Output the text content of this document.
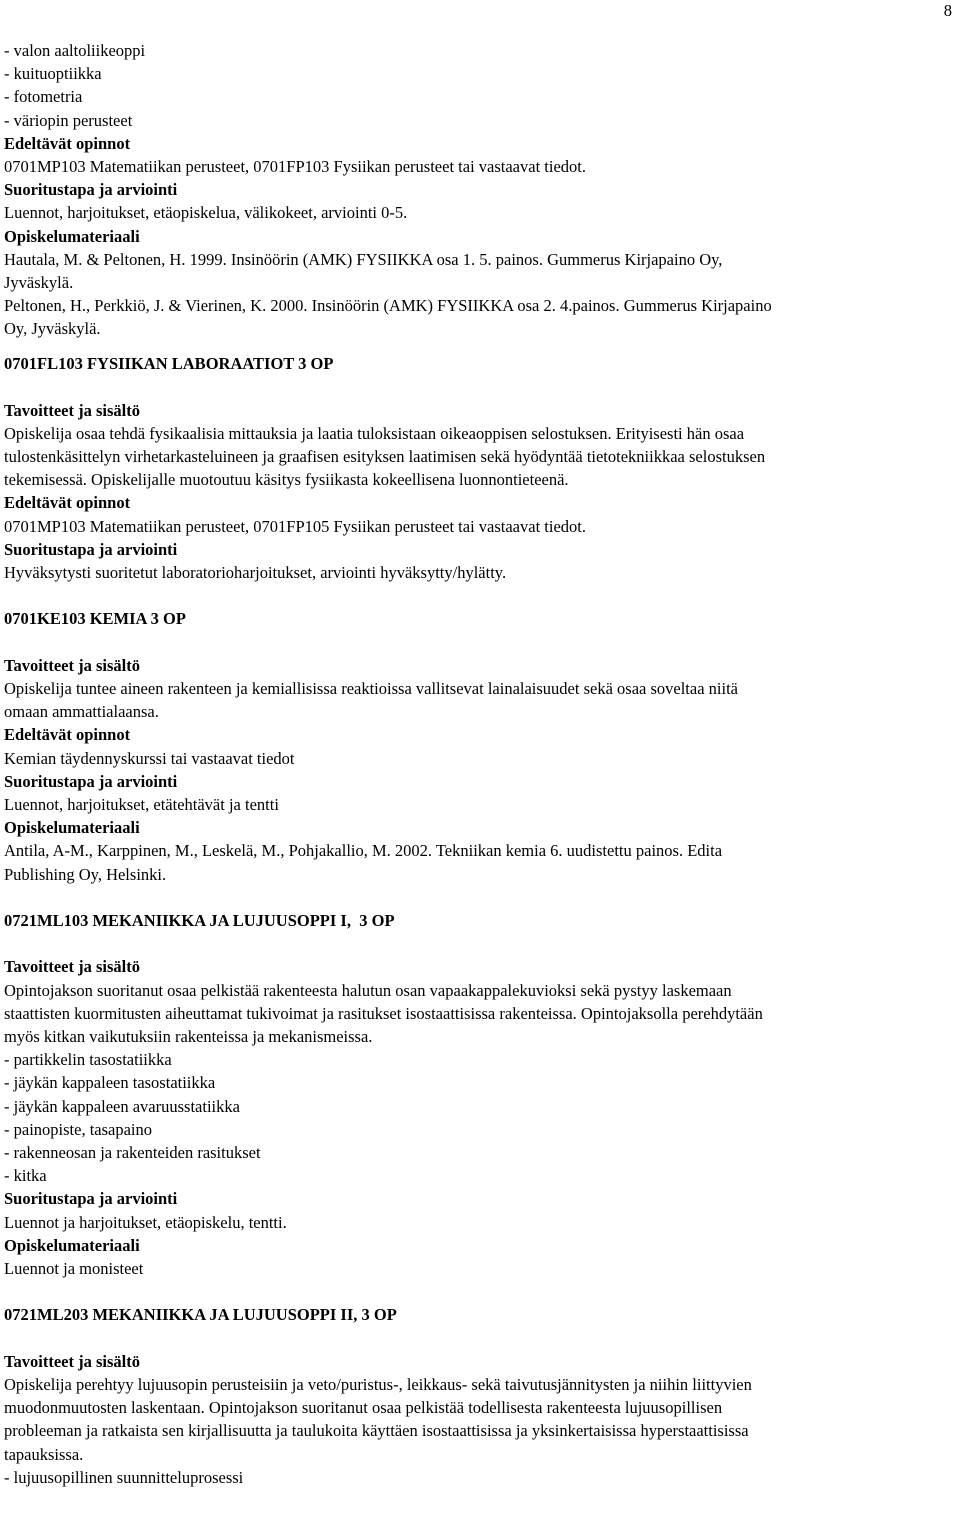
8
- valon aaltoliikeoppi
- kuituoptiikka
- fotometria
- väriopin perusteet
Edeltävät opinnot
0701MP103 Matematiikan perusteet, 0701FP103 Fysiikan perusteet tai vastaavat tiedot.
Suoritustapa ja arviointi
Luennot, harjoitukset, etäopiskelua, välikokeet, arviointi 0-5.
Opiskelumateriaali
Hautala, M. & Peltonen, H. 1999. Insinöörin (AMK) FYSIIKKA osa 1. 5. painos. Gummerus Kirjapaino Oy,
Jyväskylä.
Peltonen, H., Perkkiö, J. & Vierinen, K. 2000. Insinöörin (AMK) FYSIIKKA osa 2. 4.painos. Gummerus Kirjapaino
Oy, Jyväskylä.
0701FL103 FYSIIKAN LABORAATIOT 3 OP
Tavoitteet ja sisältö
Opiskelija osaa tehdä fysikaalisia mittauksia ja laatia tuloksistaan oikeaoppisen selostuksen. Erityisesti hän osaa
tulostenkäsittelyn virhetarkasteluineen ja graafisen esityksen laatimisen sekä hyödyntää tietotekniikkaa selostuksen
tekemisessä. Opiskelijalle muotoutuu käsitys fysiikasta kokeellisena luonnontieteenä.
Edeltävät opinnot
0701MP103 Matematiikan perusteet, 0701FP105 Fysiikan perusteet tai vastaavat tiedot.
Suoritustapa ja arviointi
Hyväksytysti suoritetut laboratorioharjoitukset, arviointi hyväksytty/hylätty.
0701KE103 KEMIA 3 OP
Tavoitteet ja sisältö
Opiskelija tuntee aineen rakenteen ja kemiallisissa reaktioissa vallitsevat lainalaisuudet sekä osaa soveltaa niitä
omaan ammattialaansa.
Edeltävät opinnot
Kemian täydennyskurssi tai vastaavat tiedot
Suoritustapa ja arviointi
Luennot, harjoitukset, etätehtävät ja tentti
Opiskelumateriaali
Antila, A-M., Karppinen, M., Leskelä, M., Pohjakallio, M. 2002. Tekniikan kemia 6. uudistettu painos. Edita
Publishing Oy, Helsinki.
0721ML103 MEKANIIKKA JA LUJUUSOPPI I,  3 OP
Tavoitteet ja sisältö
Opintojakson suoritanut osaa pelkistää rakenteesta halutun osan vapaakappalekuvioksi sekä pystyy laskemaan
staattisten kuormitusten aiheuttamat tukivoimat ja rasitukset isostaattisissa rakenteissa. Opintojaksolla perehdytään
myös kitkan vaikutuksiin rakenteissa ja mekanismeissa.
- partikkelin tasostatiikka
- jäykän kappaleen tasostatiikka
- jäykän kappaleen avaruusstatiikka
- painopiste, tasapaino
- rakenneosan ja rakenteiden rasitukset
- kitka
Suoritustapa ja arviointi
Luennot ja harjoitukset, etäopiskelu, tentti.
Opiskelumateriaali
Luennot ja monisteet
0721ML203 MEKANIIKKA JA LUJUUSOPPI II, 3 OP
Tavoitteet ja sisältö
Opiskelija perehtyy lujuusopin perusteisiin ja veto/puristus-, leikkaus- sekä taivutusjännitysten ja niihin liittyvien
muodonmuutosten laskentaan. Opintojakson suoritanut osaa pelkistää todellisesta rakenteesta lujuusopillisen
probleeman ja ratkaista sen kirjallisuutta ja taulukoita käyttäen isostaattisissa ja yksinkertaisissa hyperstaattisissa
tapauksissa.
- lujuusopillinen suunnitteluprosessi
